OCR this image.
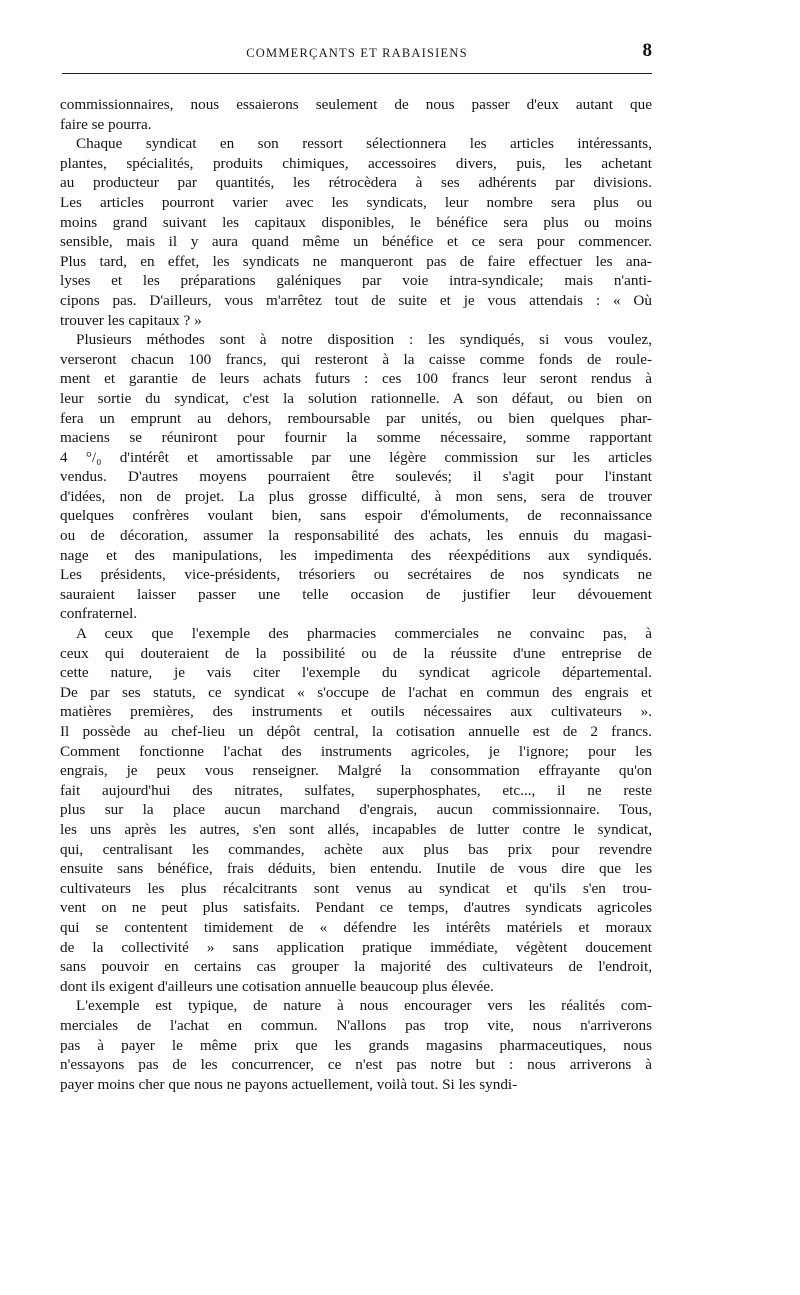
COMMERÇANTS ET RABAISIENS	8
commissionnaires, nous essaierons seulement de nous passer d'eux autant que
faire se pourra.
Chaque syndicat en son ressort sélectionnera les articles intéressants,
plantes, spécialités, produits chimiques, accessoires divers, puis, les achetant
au producteur par quantités, les rétrocèdera à ses adhérents par divisions.
Les articles pourront varier avec les syndicats, leur nombre sera plus ou
moins grand suivant les capitaux disponibles, le bénéfice sera plus ou moins
sensible, mais il y aura quand même un bénéfice et ce sera pour commencer.
Plus tard, en effet, les syndicats ne manqueront pas de faire effectuer les ana-
lyses et les préparations galéniques par voie intra-syndicale; mais n'anti-
cipons pas. D'ailleurs, vous m'arrêtez tout de suite et je vous attendais : « Où
trouver les capitaux ? »
Plusieurs méthodes sont à notre disposition : les syndiqués, si vous voulez,
verseront chacun 100 francs, qui resteront à la caisse comme fonds de roule-
ment et garantie de leurs achats futurs : ces 100 francs leur seront rendus à
leur sortie du syndicat, c'est la solution rationnelle. A son défaut, ou bien on
fera un emprunt au dehors, remboursable par unités, ou bien quelques phar-
maciens se réuniront pour fournir la somme nécessaire, somme rapportant
4 °/₀ d'intérêt et amortissable par une légère commission sur les articles
vendus. D'autres moyens pourraient être soulevés; il s'agit pour l'instant
d'idées, non de projet. La plus grosse difficulté, à mon sens, sera de trouver
quelques confrères voulant bien, sans espoir d'émoluments, de reconnaissance
ou de décoration, assumer la responsabilité des achats, les ennuis du magasi-
nage et des manipulations, les impedimenta des réexpéditions aux syndiqués.
Les présidents, vice-présidents, trésoriers ou secrétaires de nos syndicats ne
sauraient laisser passer une telle occasion de justifier leur dévouement
confraternel.
A ceux que l'exemple des pharmacies commerciales ne convainc pas, à
ceux qui douteraient de la possibilité ou de la réussite d'une entreprise de
cette nature, je vais citer l'exemple du syndicat agricole départemental.
De par ses statuts, ce syndicat « s'occupe de l'achat en commun des engrais et
matières premières, des instruments et outils nécessaires aux cultivateurs ».
Il possède au chef-lieu un dépôt central, la cotisation annuelle est de 2 francs.
Comment fonctionne l'achat des instruments agricoles, je l'ignore; pour les
engrais, je peux vous renseigner. Malgré la consommation effrayante qu'on
fait aujourd'hui des nitrates, sulfates, superphosphates, etc..., il ne reste
plus sur la place aucun marchand d'engrais, aucun commissionnaire. Tous,
les uns après les autres, s'en sont allés, incapables de lutter contre le syndicat,
qui, centralisant les commandes, achète aux plus bas prix pour revendre
ensuite sans bénéfice, frais déduits, bien entendu. Inutile de vous dire que les
cultivateurs les plus récalcitrants sont venus au syndicat et qu'ils s'en trou-
vent on ne peut plus satisfaits. Pendant ce temps, d'autres syndicats agricoles
qui se contentent timidement de « défendre les intérêts matériels et moraux
de la collectivité » sans application pratique immédiate, végètent doucement
sans pouvoir en certains cas grouper la majorité des cultivateurs de l'endroit,
dont ils exigent d'ailleurs une cotisation annuelle beaucoup plus élevée.
L'exemple est typique, de nature à nous encourager vers les réalités com-
merciales de l'achat en commun. N'allons pas trop vite, nous n'arriverons
pas à payer le même prix que les grands magasins pharmaceutiques, nous
n'essayons pas de les concurrencer, ce n'est pas notre but : nous arriverons à
payer moins cher que nous ne payons actuellement, voilà tout. Si les syndi-
